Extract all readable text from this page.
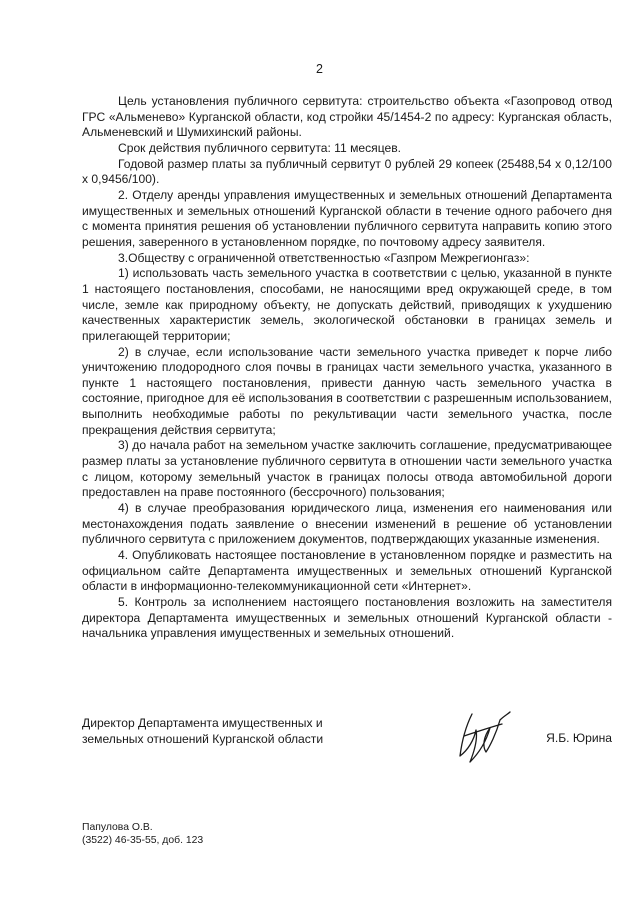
2

Цель установления публичного сервитута: строительство объекта «Газопровод отвод ГРС «Альменево» Курганской области, код стройки 45/1454-2 по адресу: Курганская область, Альменевский и Шумихинский районы.

Срок действия публичного сервитута: 11 месяцев.

Годовой размер платы за публичный сервитут 0 рублей 29 копеек (25488,54 х 0,12/100 х 0,9456/100).

2. Отделу аренды управления имущественных и земельных отношений Департамента имущественных и земельных отношений Курганской области в течение одного рабочего дня с момента принятия решения об установлении публичного сервитута направить копию этого решения, заверенного в установленном порядке, по почтовому адресу заявителя.

3.Обществу с ограниченной ответственностью «Газпром Межрегионгаз»:

1) использовать часть земельного участка в соответствии с целью, указанной в пункте 1 настоящего постановления, способами, не наносящими вред окружающей среде, в том числе, земле как природному объекту, не допускать действий, приводящих к ухудшению качественных характеристик земель, экологической обстановки в границах земель и прилегающей территории;

2) в случае, если использование части земельного участка приведет к порче либо уничтожению плодородного слоя почвы в границах части земельного участка, указанного в пункте 1 настоящего постановления, привести данную часть земельного участка в состояние, пригодное для её использования в соответствии с разрешенным использованием, выполнить необходимые работы по рекультивации части земельного участка, после прекращения действия сервитута;

3) до начала работ на земельном участке заключить соглашение, предусматривающее размер платы за установление публичного сервитута в отношении части земельного участка с лицом, которому земельный участок в границах полосы отвода автомобильной дороги предоставлен на праве постоянного (бессрочного) пользования;

4) в случае преобразования юридического лица, изменения его наименования или местонахождения подать заявление о внесении изменений в решение об установлении публичного сервитута с приложением документов, подтверждающих указанные изменения.

4. Опубликовать настоящее постановление в установленном порядке и разместить на официальном сайте Департамента имущественных и земельных отношений Курганской области в информационно-телекоммуникационной сети «Интернет».

5. Контроль за исполнением настоящего постановления возложить на заместителя директора Департамента имущественных и земельных отношений Курганской области - начальника управления имущественных и земельных отношений.

Директор Департамента имущественных и
земельных отношений Курганской области	Я.Б. Юрина
Папулова О.В.
(3522) 46-35-55, доб. 123
